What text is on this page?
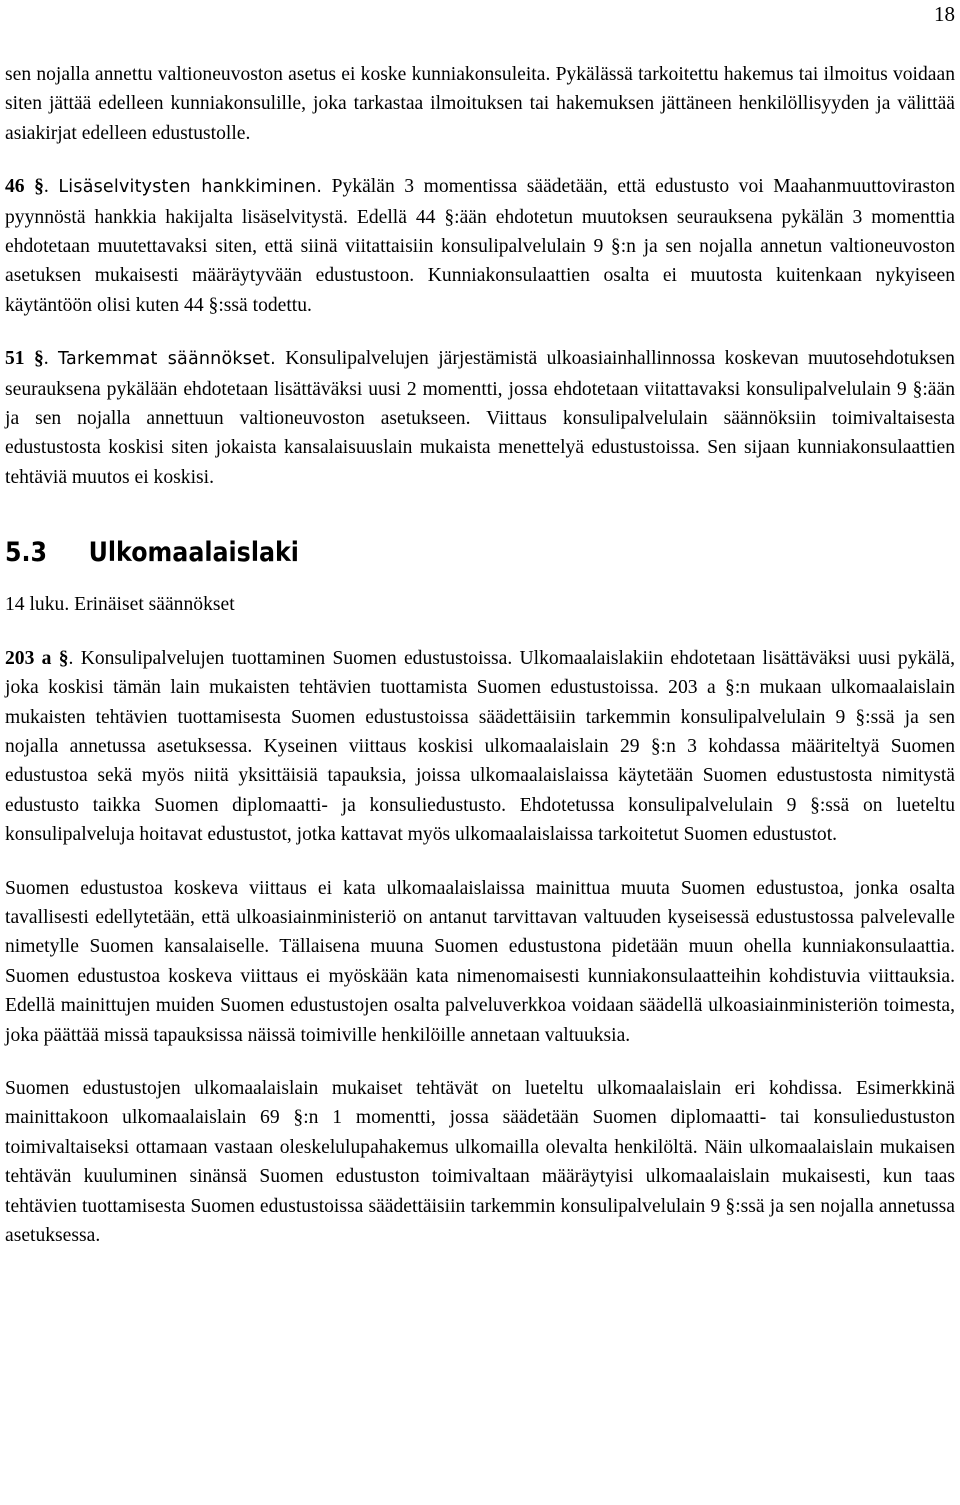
18

sen nojalla annettu valtioneuvoston asetus ei koske kunniakonsuleita. Pykälässä tarkoitettu hakemus tai ilmoitus voidaan siten jättää edelleen kunniakonsulille, joka tarkastaa ilmoituksen tai hakemuksen jättäneen henkilöllisyyden ja välittää asiakirjat edelleen edustustolle.

46 §. Lisäselvitysten hankkiminen. Pykälän 3 momentissa säädetään, että edustusto voi Maahanmuuttoviraston pyynnöstä hankkia hakijalta lisäselvitystä. Edellä 44 §:ään ehdotetun muutoksen seurauksena pykälän 3 momenttia ehdotetaan muutettavaksi siten, että siinä viitattaisiin konsulipalvelulain 9 §:n ja sen nojalla annetun valtioneuvoston asetuksen mukaisesti määräytyvään edustustoon. Kunniakonsulaattien osalta ei muutosta kuitenkaan nykyiseen käytäntöön olisi kuten 44 §:ssä todettu.

51 §. Tarkemmat säännökset. Konsulipalvelujen järjestämistä ulkoasiainhallinnossa koskevan muutosehdotuksen seurauksena pykälään ehdotetaan lisättäväksi uusi 2 momentti, jossa ehdotetaan viitattavaksi konsulipalvelulain 9 §:ään ja sen nojalla annettuun valtioneuvoston asetukseen. Viittaus konsulipalvelulain säännöksiin toimivaltaisesta edustustosta koskisi siten jokaista kansalaisuuslain mukaista menettelyä edustustoissa. Sen sijaan kunniakonsulaattien tehtäviä muutos ei koskisi.

5.3 Ulkomaalaislaki

14 luku. Erinäiset säännökset

203 a §. Konsulipalvelujen tuottaminen Suomen edustustoissa. Ulkomaalaislakiin ehdotetaan lisättäväksi uusi pykälä, joka koskisi tämän lain mukaisten tehtävien tuottamista Suomen edustustoissa. 203 a §:n mukaan ulkomaalaislain mukaisten tehtävien tuottamisesta Suomen edustustoissa säädettäisiin tarkemmin konsulipalvelulain 9 §:ssä ja sen nojalla annetussa asetuksessa. Kyseinen viittaus koskisi ulkomaalaislain 29 §:n 3 kohdassa määriteltyä Suomen edustustoa sekä myös niitä yksittäisiä tapauksia, joissa ulkomaalaislaissa käytetään Suomen edustustosta nimitystä edustusto taikka Suomen diplomaatti- ja konsuliedustusto. Ehdotetussa konsulipalvelulain 9 §:ssä on lueteltu konsulipalveluja hoitavat edustustot, jotka kattavat myös ulkomaalaislaissa tarkoitetut Suomen edustustot.

Suomen edustustoa koskeva viittaus ei kata ulkomaalaislaissa mainittua muuta Suomen edustustoa, jonka osalta tavallisesti edellytetään, että ulkoasiainministeriö on antanut tarvittavan valtuuden kyseisessä edustustossa palvelevalle nimetylle Suomen kansalaiselle. Tällaisena muuna Suomen edustustona pidetään muun ohella kunniakonsulaattia. Suomen edustustoa koskeva viittaus ei myöskään kata nimenomaisesti kunniakonsulaatteihin kohdistuvia viittauksia. Edellä mainittujen muiden Suomen edustustojen osalta palveluverkkoa voidaan säädellä ulkoasiainministeriön toimesta, joka päättää missä tapauksissa näissä toimiville henkilöille annetaan valtuuksia.

Suomen edustustojen ulkomaalaislain mukaiset tehtävät on lueteltu ulkomaalaislain eri kohdissa. Esimerkkinä mainittakoon ulkomaalaislain 69 §:n 1 momentti, jossa säädetään Suomen diplomaatti- tai konsuliedustuston toimivaltaiseksi ottamaan vastaan oleskelulupahakemus ulkomailla olevalta henkilöltä. Näin ulkomaalaislain mukaisen tehtävän kuuluminen sinänsä Suomen edustuston toimivaltaan määräytyisi ulkomaalaislain mukaisesti, kun taas tehtävien tuottamisesta Suomen edustustoissa säädettäisiin tarkemmin konsulipalvelulain 9 §:ssä ja sen nojalla annetussa asetuksessa.
